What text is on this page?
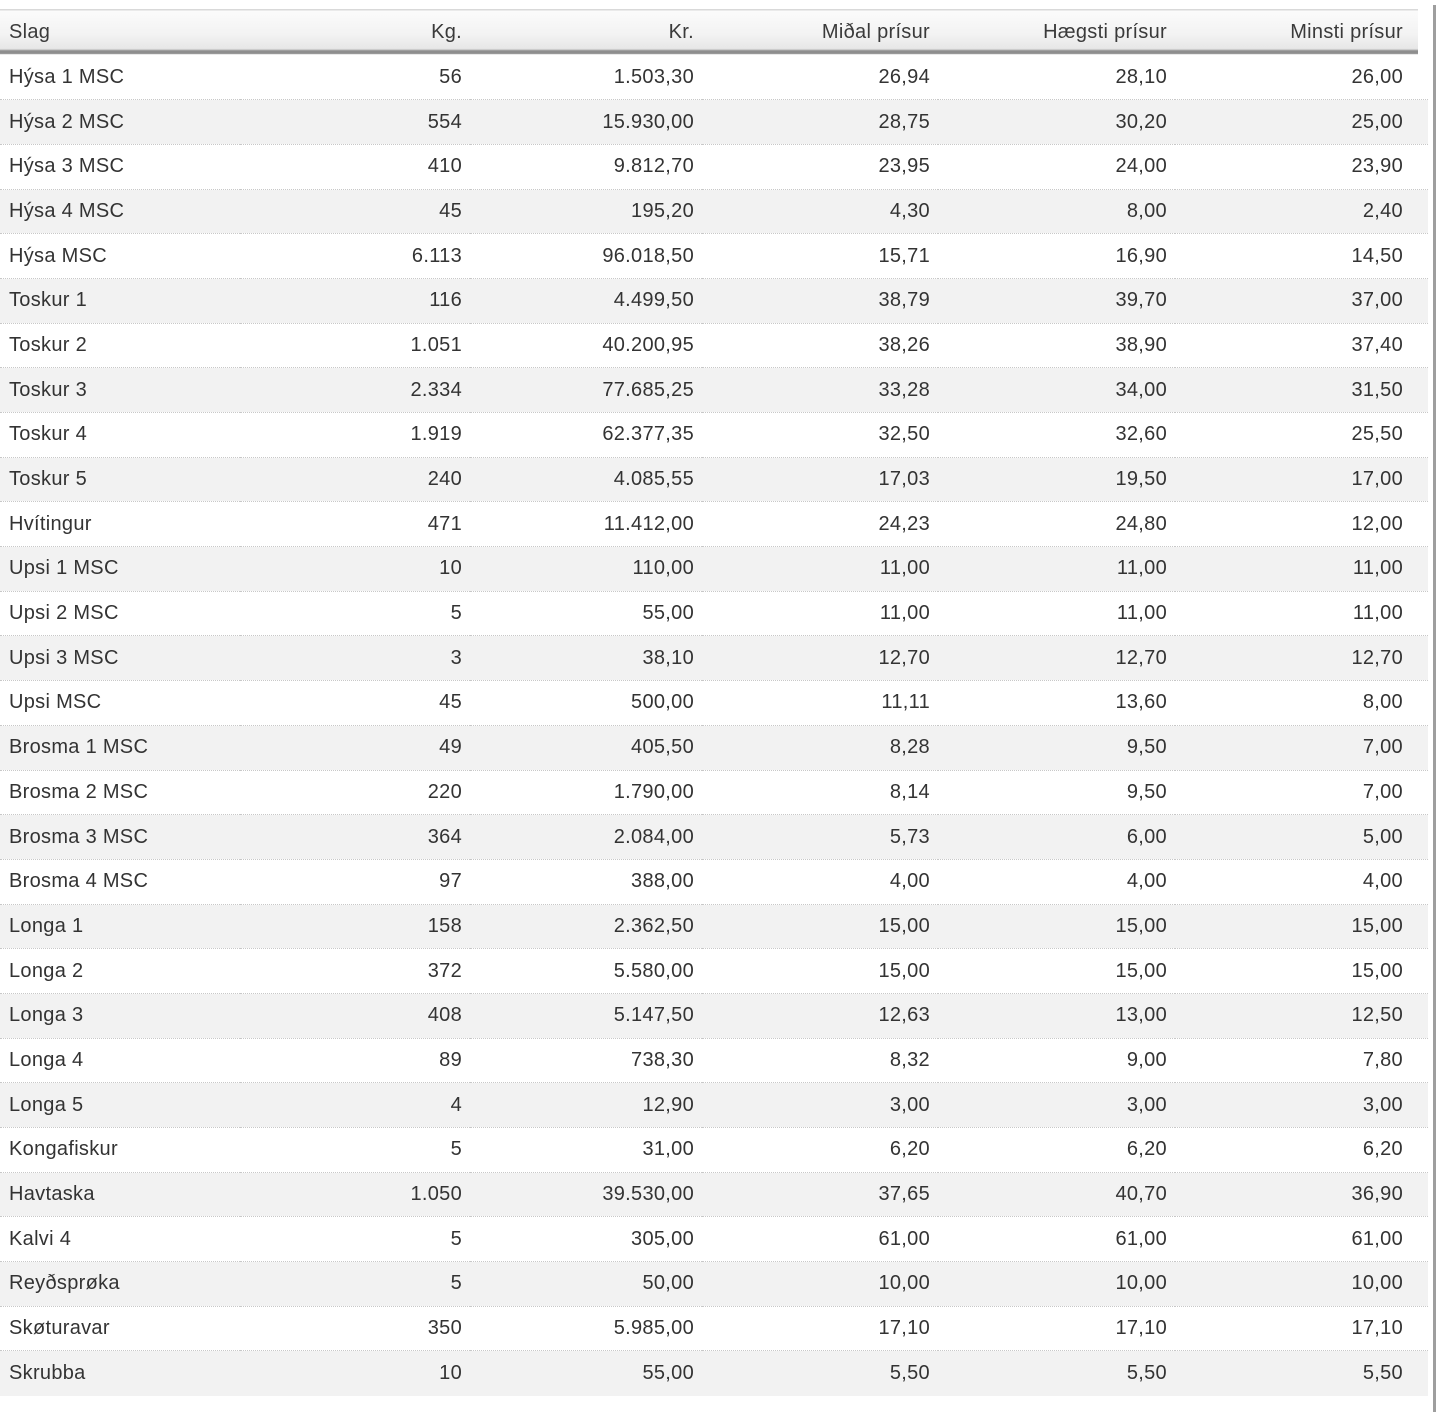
Slag	Kg.	Kr.	Miðal prísur	Hægsti prísur	Minsti prísur
Hýsa 1 MSC	56	1.503,30	26,94	28,10	26,00
Hýsa 2 MSC	554	15.930,00	28,75	30,20	25,00
Hýsa 3 MSC	410	9.812,70	23,95	24,00	23,90
Hýsa 4 MSC	45	195,20	4,30	8,00	2,40
Hýsa MSC	6.113	96.018,50	15,71	16,90	14,50
Toskur 1	116	4.499,50	38,79	39,70	37,00
Toskur 2	1.051	40.200,95	38,26	38,90	37,40
Toskur 3	2.334	77.685,25	33,28	34,00	31,50
Toskur 4	1.919	62.377,35	32,50	32,60	25,50
Toskur 5	240	4.085,55	17,03	19,50	17,00
Hvítingur	471	11.412,00	24,23	24,80	12,00
Upsi 1 MSC	10	110,00	11,00	11,00	11,00
Upsi 2 MSC	5	55,00	11,00	11,00	11,00
Upsi 3 MSC	3	38,10	12,70	12,70	12,70
Upsi MSC	45	500,00	11,11	13,60	8,00
Brosma 1 MSC	49	405,50	8,28	9,50	7,00
Brosma 2 MSC	220	1.790,00	8,14	9,50	7,00
Brosma 3 MSC	364	2.084,00	5,73	6,00	5,00
Brosma 4 MSC	97	388,00	4,00	4,00	4,00
Longa 1	158	2.362,50	15,00	15,00	15,00
Longa 2	372	5.580,00	15,00	15,00	15,00
Longa 3	408	5.147,50	12,63	13,00	12,50
Longa 4	89	738,30	8,32	9,00	7,80
Longa 5	4	12,90	3,00	3,00	3,00
Kongafiskur	5	31,00	6,20	6,20	6,20
Havtaska	1.050	39.530,00	37,65	40,70	36,90
Kalvi 4	5	305,00	61,00	61,00	61,00
Reyðsprøka	5	50,00	10,00	10,00	10,00
Skøturavar	350	5.985,00	17,10	17,10	17,10
Skrubba	10	55,00	5,50	5,50	5,50
